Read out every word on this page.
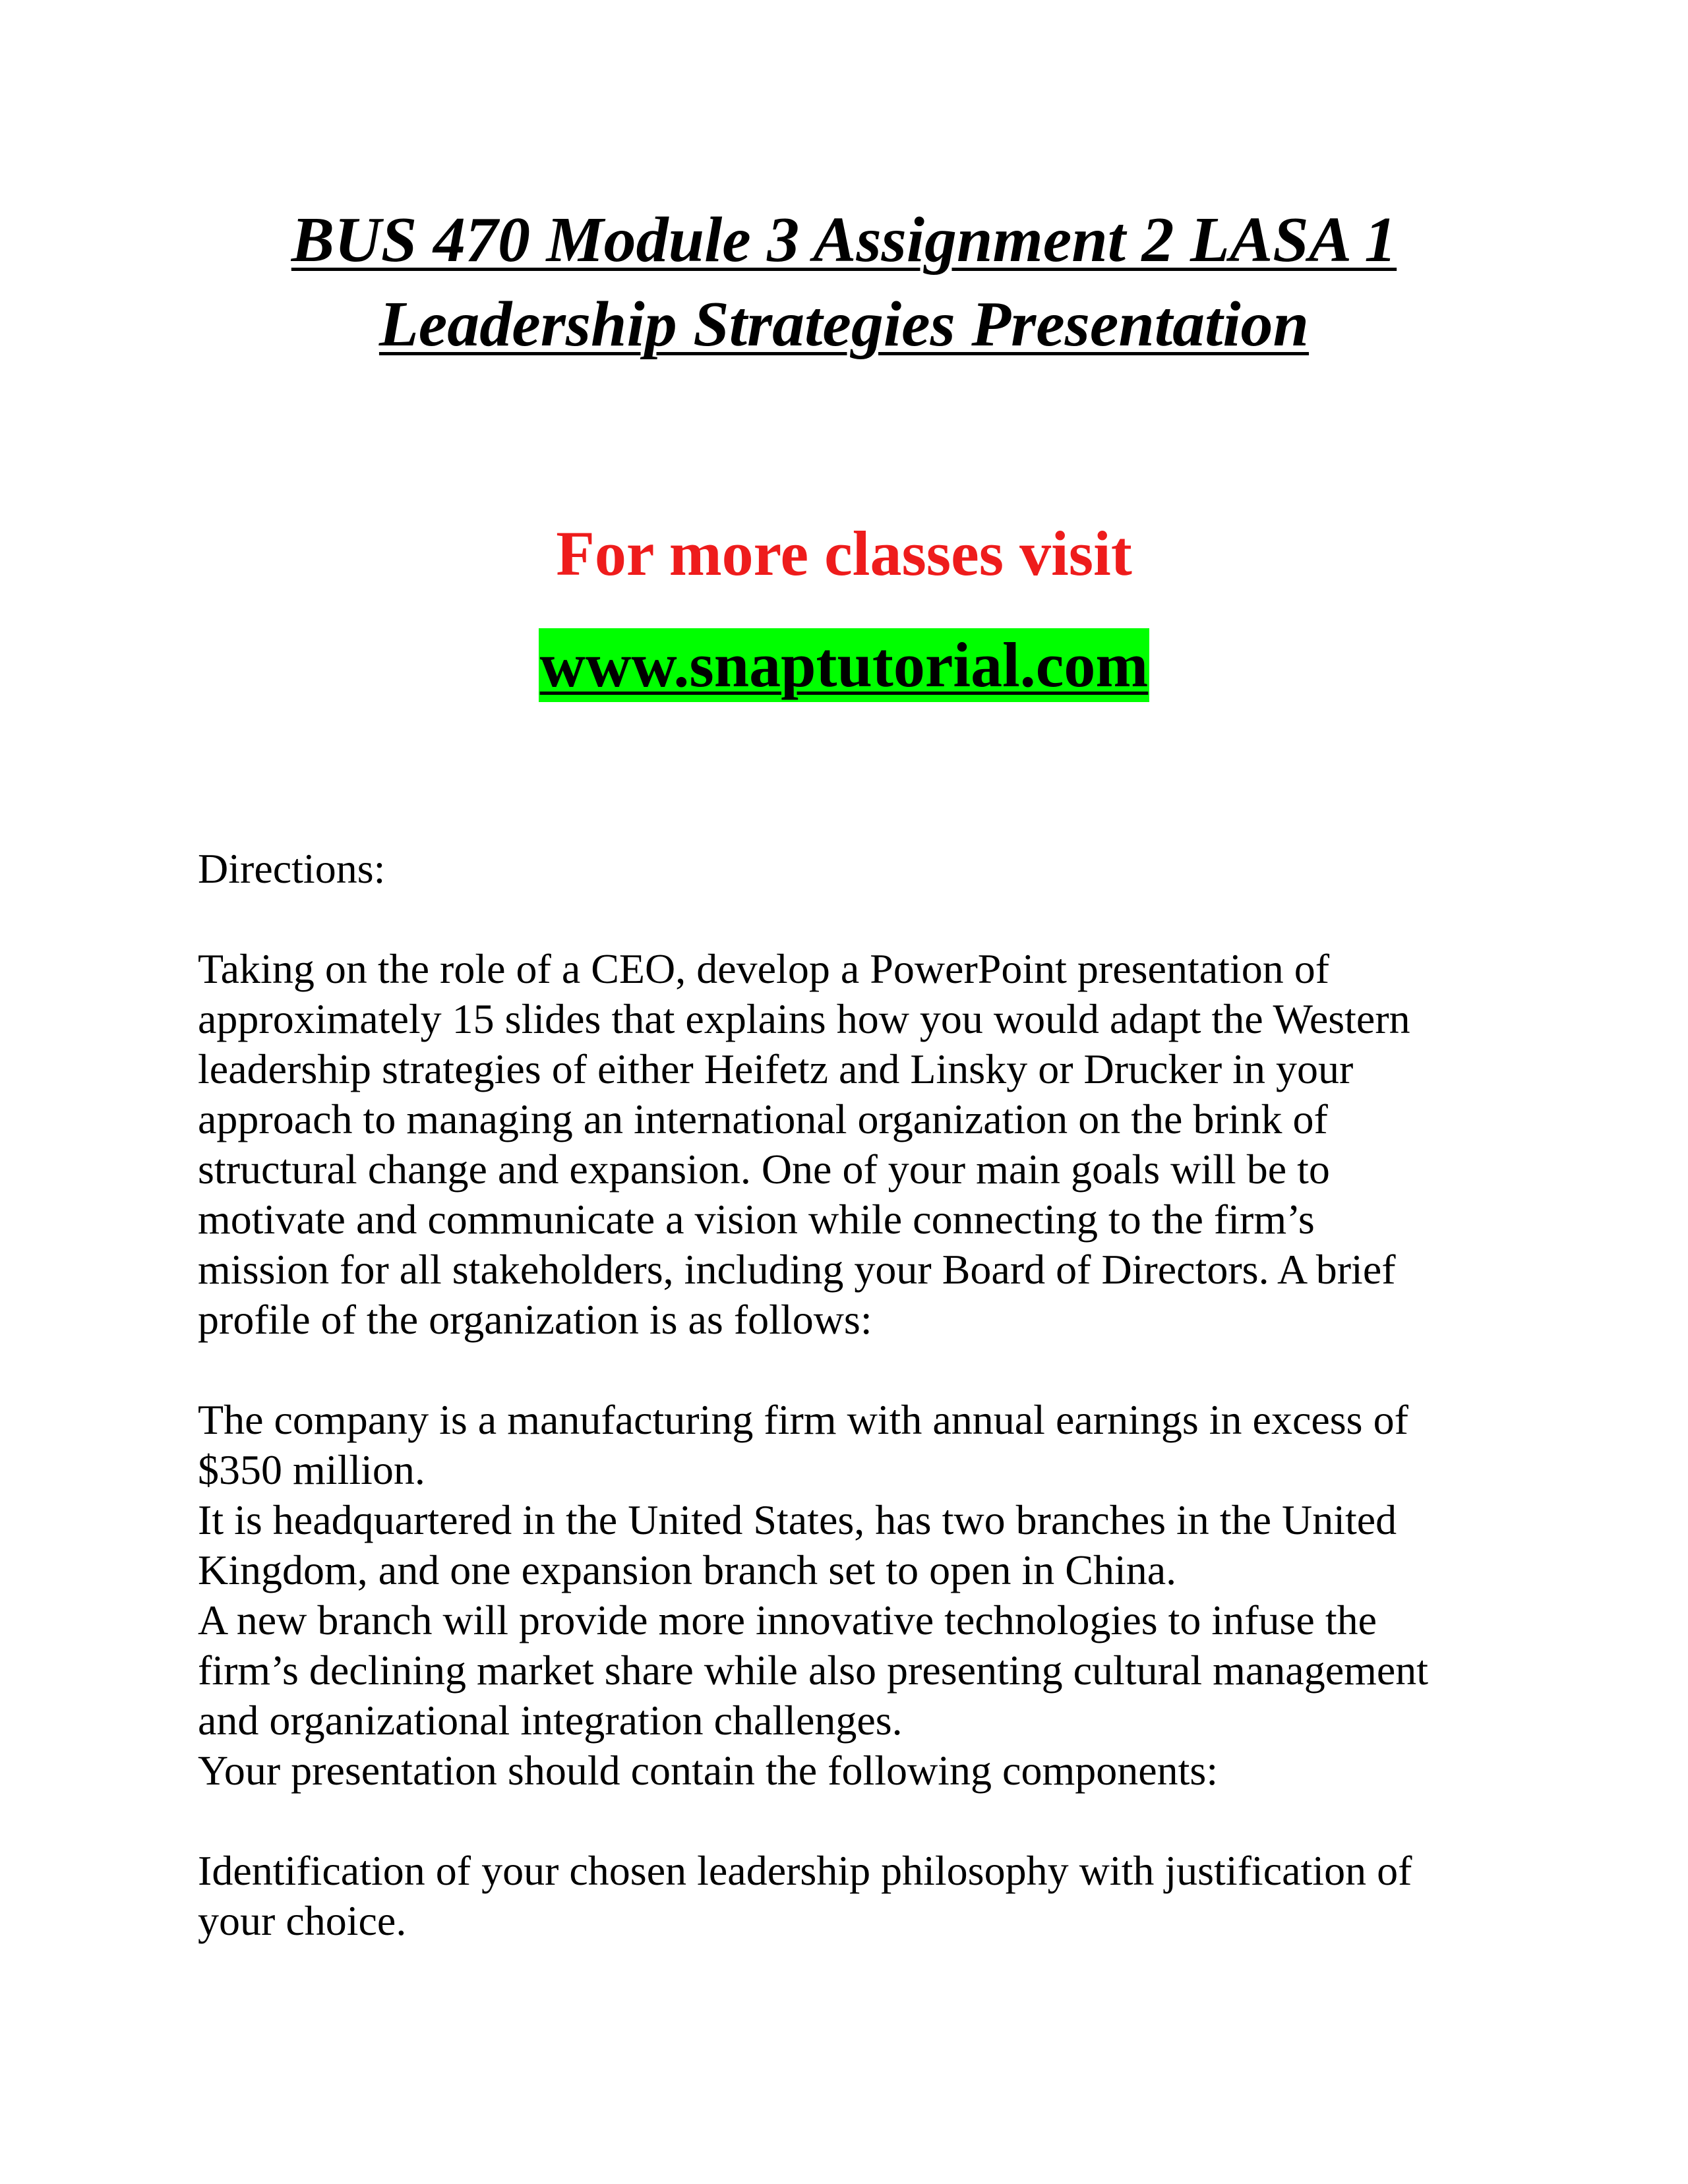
BUS 470 Module 3 Assignment 2 LASA 1
Leadership Strategies Presentation
For more classes visit
www.snaptutorial.com

Directions:

Taking on the role of a CEO, develop a PowerPoint presentation of

approximately 15 slides that explains how you would adapt the Western

leadership strategies of either Heifetz and Linsky or Drucker in your

approach to managing an international organization on the brink of

structural change and expansion. One of your main goals will be to

motivate and communicate a vision while connecting to the firm’s

mission for all stakeholders, including your Board of Directors. A brief

profile of the organization is as follows:

The company is a manufacturing firm with annual earnings in excess of

$350 million.

It is headquartered in the United States, has two branches in the United

Kingdom, and one expansion branch set to open in China.

A new branch will provide more innovative technologies to infuse the

firm’s declining market share while also presenting cultural management

and organizational integration challenges.

Your presentation should contain the following components:

Identification of your chosen leadership philosophy with justification of

your choice.
